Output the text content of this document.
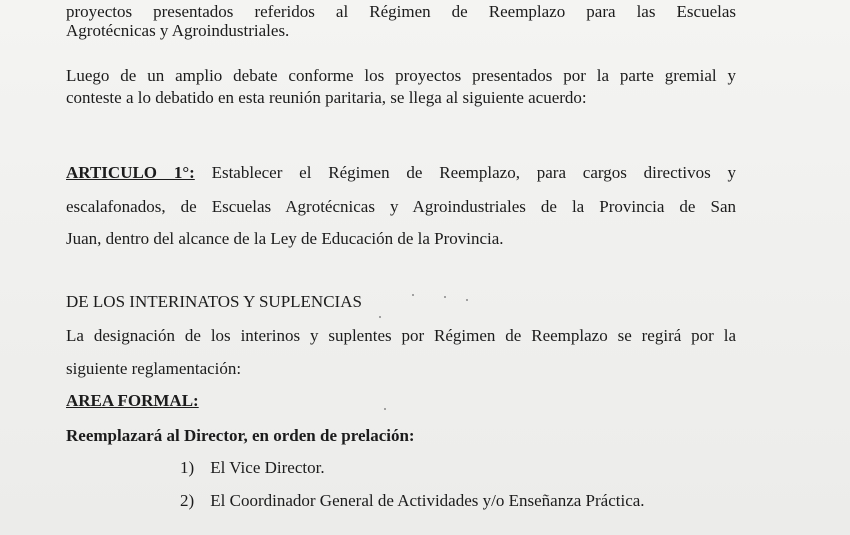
proyectos presentados referidos al Régimen de Reemplazo para las Escuelas
Agrotécnicas y Agroindustriales.
Luego de un amplio debate conforme los proyectos presentados por la parte gremial y
conteste a lo debatido en esta reunión paritaria, se llega al siguiente acuerdo:
ARTICULO 1°: Establecer el Régimen de Reemplazo, para cargos directivos y
escalafonados, de Escuelas Agrotécnicas y Agroindustriales de la Provincia de San
Juan, dentro del alcance de la Ley de Educación de la Provincia.
DE LOS INTERINATOS Y SUPLENCIAS
La designación de los interinos y suplentes por Régimen de Reemplazo se regirá por la
siguiente reglamentación:
AREA FORMAL:
Reemplazará al Director, en orden de prelación:
1) El Vice Director.
2) El Coordinador General de Actividades y/o Enseñanza Práctica.
